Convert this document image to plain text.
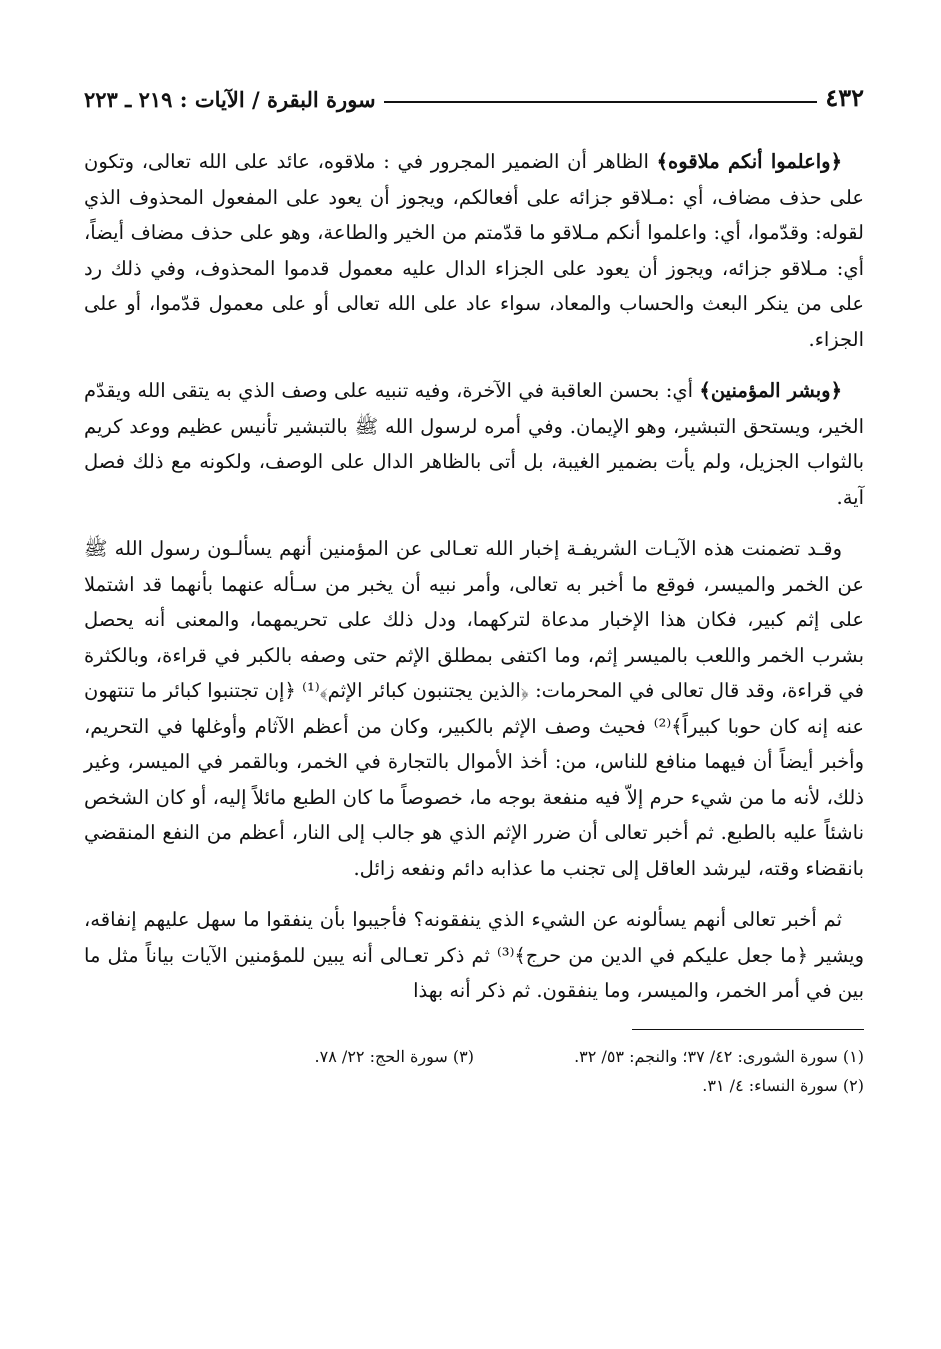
٤٣٢
سورة البقرة / الآيات : ٢١٩ ـ ٢٢٣

﴿واعلموا أنكم ملاقوه﴾ الظاهر أن الضمير المجرور في : ملاقوه، عائد على الله تعالى، وتكون على حذف مضاف، أي :مـلاقو جزائه على أفعالكم، ويجوز أن يعود على المفعول المحذوف الذي لقوله: وقدّموا، أي: واعلموا أنكم مـلاقو ما قدّمتم من الخير والطاعة، وهو على حذف مضاف أيضاً، أي: مـلاقو جزائه، ويجوز أن يعود على الجزاء الدال عليه معمول قدموا المحذوف، وفي ذلك رد على من ينكر البعث والحساب والمعاد، سواء عاد على الله تعالى أو على معمول قدّموا، أو على الجزاء.

﴿وبشر المؤمنين﴾ أي: بحسن العاقبة في الآخرة، وفيه تنبيه على وصف الذي به يتقى الله ويقدّم الخير، ويستحق التبشير، وهو الإيمان. وفي أمره لرسول الله ﷺ بالتبشير تأنيس عظيم ووعد كريم بالثواب الجزيل، ولم يأت بضمير الغيبة، بل أتى بالظاهر الدال على الوصف، ولكونه مع ذلك فصل آية.

وقـد تضمنت هذه الآيـات الشريفـة إخبار الله تعـالى عن المؤمنين أنهم يسألـون رسول الله ﷺ عن الخمر والميسر، فوقع ما أخبر به تعالى، وأمر نبيه أن يخبر من سـأله عنهما بأنهما قد اشتملا على إثم كبير، فكان هذا الإخبار مدعاة لتركهما، ودل ذلك على تحريمهما، والمعنى أنه يحصل بشرب الخمر واللعب بالميسر إثم، وما اكتفى بمطلق الإثم حتى وصفه بالكبر في قراءة، وبالكثرة في قراءة، وقد قال تعالى في المحرمات: ﴿الذين يجتنبون كبائر الإثم﴾⁽¹⁾ ﴿إن تجتنبوا كبائر ما تنتهون عنه إنه كان حوبا كبيراً﴾⁽²⁾ فحيث وصف الإثم بالكبير، وكان من أعظم الآثام وأوغلها في التحريم، وأخبر أيضاً أن فيهما منافع للناس، من: أخذ الأموال بالتجارة في الخمر، وبالقمر في الميسر، وغير ذلك، لأنه ما من شيء حرم إلاّ فيه منفعة بوجه ما، خصوصاً ما كان الطبع مائلاً إليه، أو كان الشخص ناشئاً عليه بالطبع. ثم أخبر تعالى أن ضرر الإثم الذي هو جالب إلى النار، أعظم من النفع المنقضي بانقضاء وقته، ليرشد العاقل إلى تجنب ما عذابه دائم ونفعه زائل.

ثم أخبر تعالى أنهم يسألونه عن الشيء الذي ينفقونه؟ فأجيبوا بأن ينفقوا ما سهل عليهم إنفاقه، ويشير ﴿ما جعل عليكم في الدين من حرج﴾⁽³⁾ ثم ذكر تعـالى أنه يبين للمؤمنين الآيات بياناً مثل ما بين في أمر الخمر، والميسر، وما ينفقون. ثم ذكر أنه بهذا

(١) سورة الشورى: ٤٢/ ٣٧؛ والنجم: ٥٣/ ٣٢.
(٣) سورة الحج: ٢٢/ ٧٨.
(٢) سورة النساء: ٤/ ٣١.
